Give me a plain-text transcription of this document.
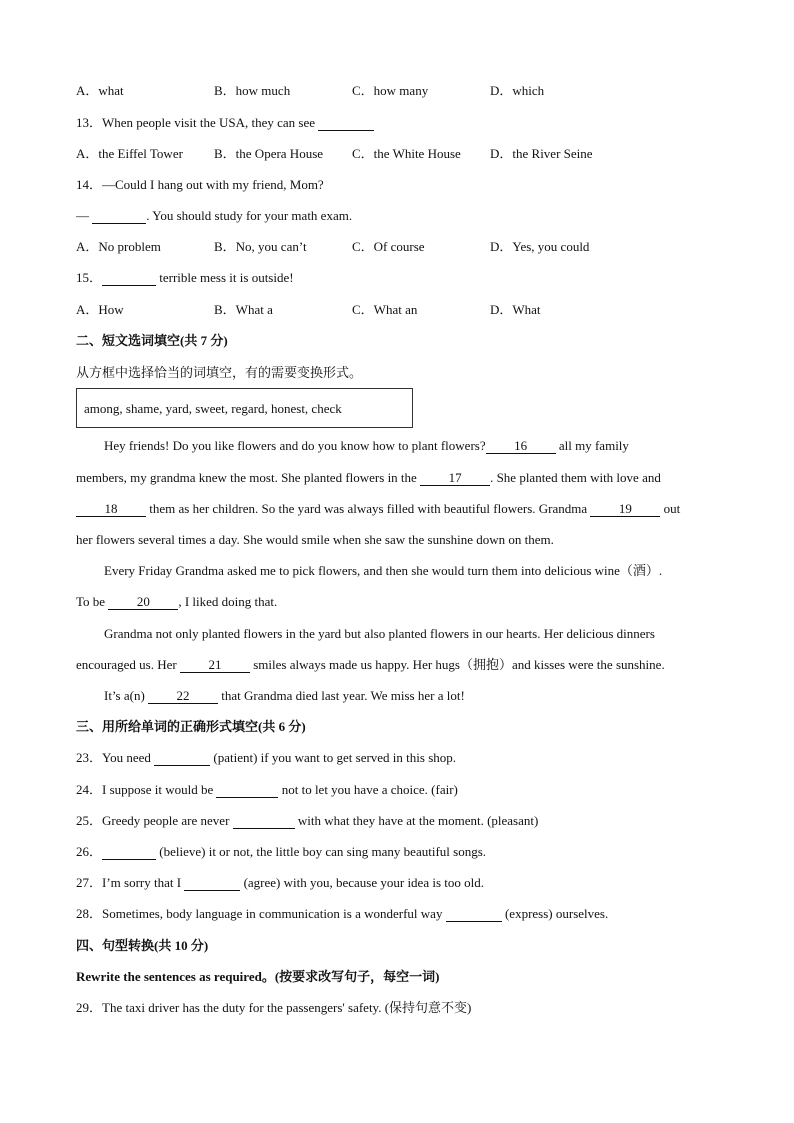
A．what	B．how much	C．how many	D．which
13．When people visit the USA, they can see
A．the Eiffel Tower B．the Opera House C．the White House D．the River Seine
14．—Could I hang out with my friend, Mom?
—	. You should study for your math exam.
A．No problem	B．No, you can’t	C．Of course	D．Yes, you could
15．	terrible mess it is outside!
A．How	B．What a	C．What an	D．What
二、短文选词填空(共 7 分)
从方框中选择恰当的词填空，有的需要变换形式。
among, shame, yard, sweet, regard, honest, check
Hey friends! Do you like flowers and do you know how to plant flowers? 16 all my family
members, my grandma knew the most. She planted flowers in the 17 . She planted them with love and
18 them as her children. So the yard was always filled with beautiful flowers. Grandma 19 out
her flowers several times a day. She would smile when she saw the sunshine down on them.
Every Friday Grandma asked me to pick flowers, and then she would turn them into delicious wine（酒）.
To be 20 , I liked doing that.
Grandma not only planted flowers in the yard but also planted flowers in our hearts. Her delicious dinners
encouraged us. Her 21 smiles always made us happy. Her hugs（拥抱）and kisses were the sunshine.
It’s a(n) 22 that Grandma died last year. We miss her a lot!
三、用所给单词的正确形式填空(共 6 分)
23．You need	(patient) if you want to get served in this shop.
24．I suppose it would be	not to let you have a choice. (fair)
25．Greedy people are never	with what they have at the moment. (pleasant)
26．	(believe) it or not, the little boy can sing many beautiful songs.
27．I’m sorry that I	(agree) with you, because your idea is too old.
28．Sometimes, body language in communication is a wonderful way	(express) ourselves.
四、句型转换(共 10 分)
Rewrite the sentences as required。(按要求改写句子，每空一词)
29．The taxi driver has the duty for the passengers' safety. (保持句意不变)
